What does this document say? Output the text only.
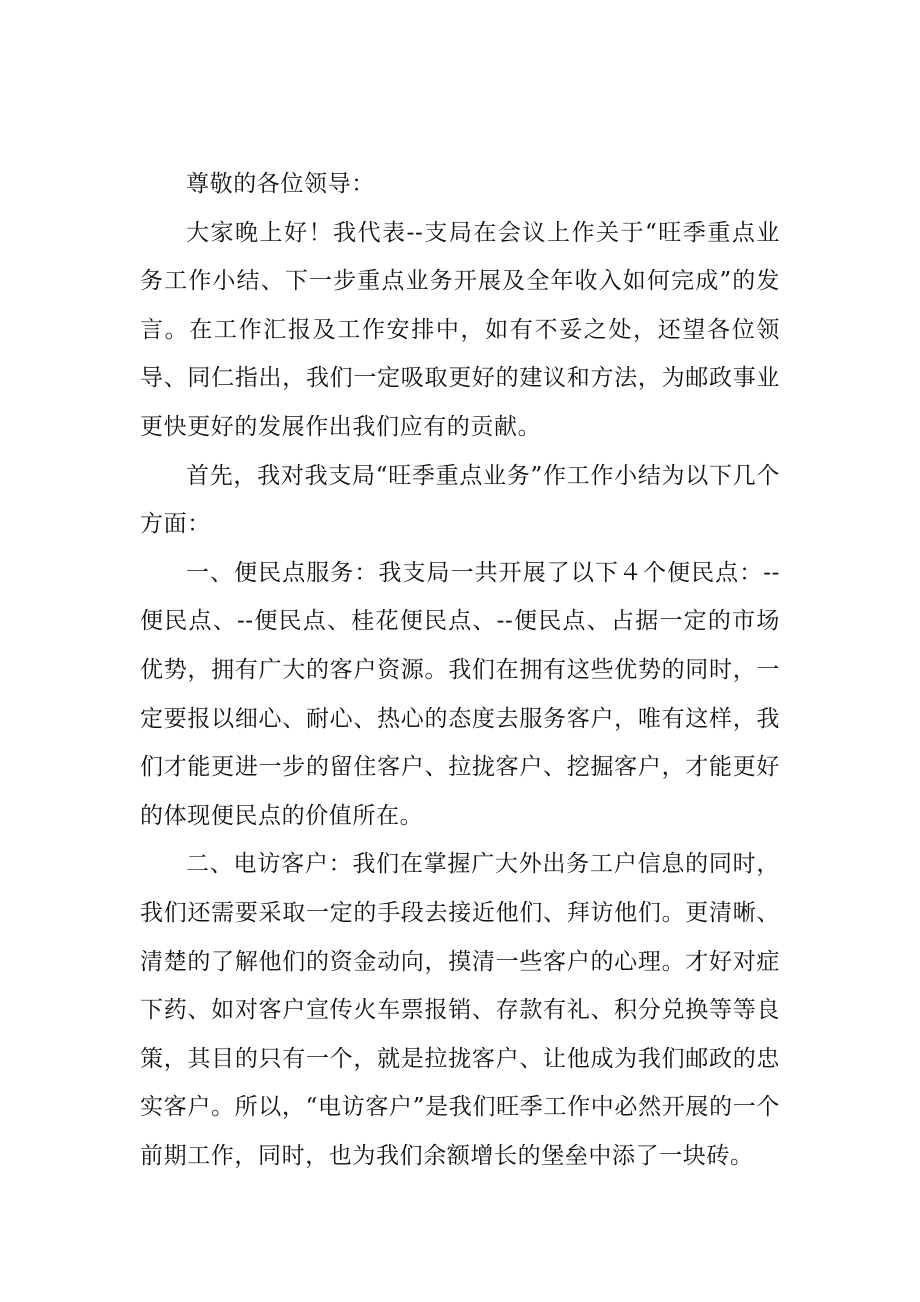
尊敬的各位领导：

大家晚上好！我代表--支局在会议上作关于“旺季重点业务工作小结、下一步重点业务开展及全年收入如何完成”的发言。在工作汇报及工作安排中，如有不妥之处，还望各位领导、同仁指出，我们一定吸取更好的建议和方法，为邮政事业更快更好的发展作出我们应有的贡献。

首先，我对我支局“旺季重点业务”作工作小结为以下几个方面：

一、便民点服务：我支局一共开展了以下４个便民点：--便民点、--便民点、桂花便民点、--便民点、占据一定的市场优势，拥有广大的客户资源。我们在拥有这些优势的同时，一定要报以细心、耐心、热心的态度去服务客户，唯有这样，我们才能更进一步的留住客户、拉拢客户、挖掘客户，才能更好的体现便民点的价值所在。

二、电访客户：我们在掌握广大外出务工户信息的同时，我们还需要采取一定的手段去接近他们、拜访他们。更清晰、清楚的了解他们的资金动向，摸清一些客户的心理。才好对症下药、如对客户宣传火车票报销、存款有礼、积分兑换等等良策，其目的只有一个，就是拉拢客户、让他成为我们邮政的忠实客户。所以，“电访客户”是我们旺季工作中必然开展的一个前期工作，同时，也为我们余额增长的堡垒中添了一块砖。
